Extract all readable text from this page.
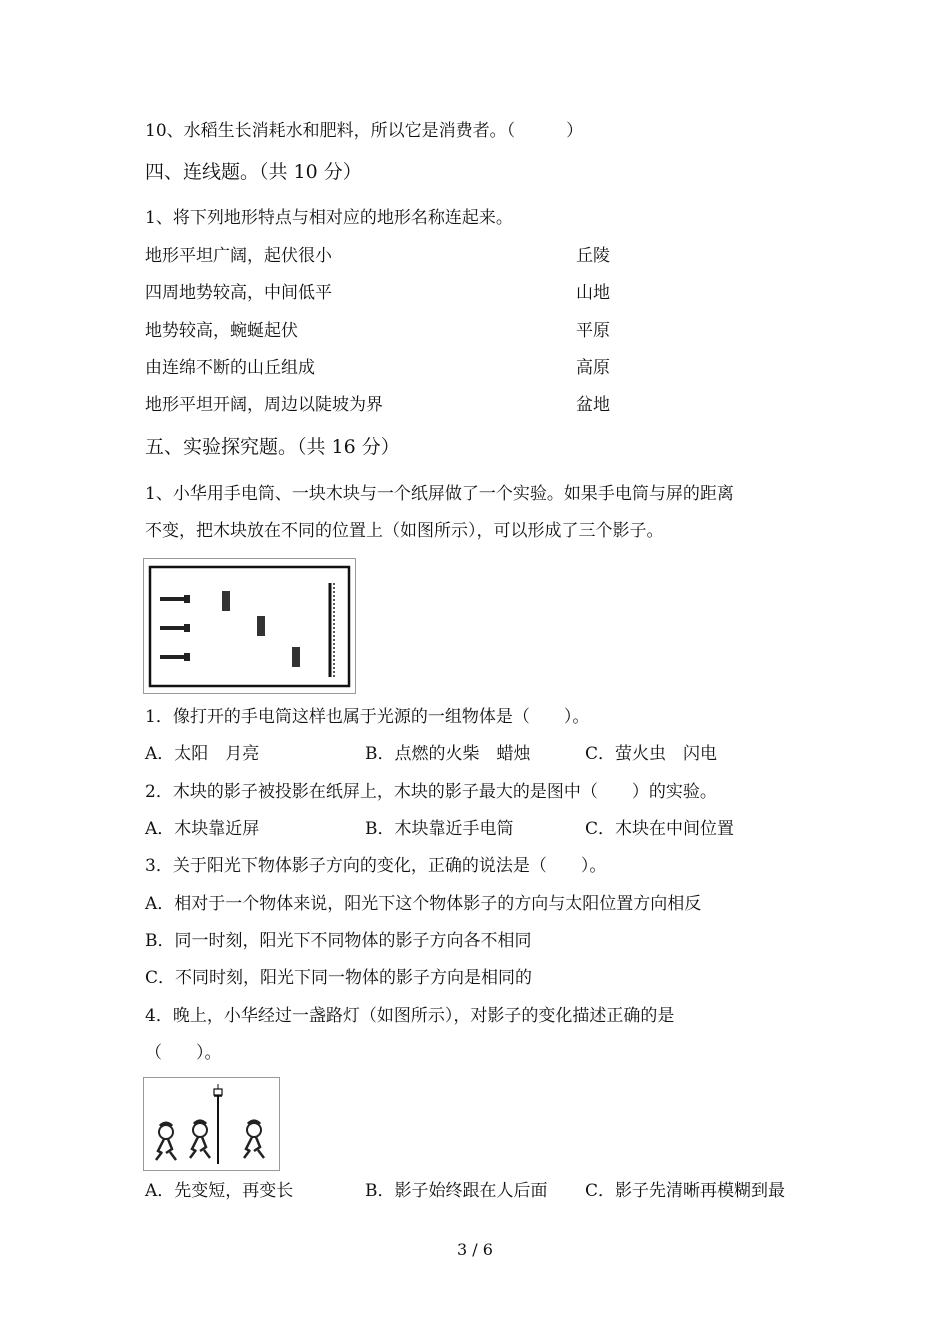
10、水稻生长消耗水和肥料，所以它是消费者。（　　　）
四、连线题。（共 10 分）
1、将下列地形特点与相对应的地形名称连起来。
地形平坦广阔，起伏很小	丘陵
四周地势较高，中间低平	山地
地势较高，蜿蜒起伏	平原
由连绵不断的山丘组成	高原
地形平坦开阔，周边以陡坡为界	盆地
五、实验探究题。（共 16 分）
1、小华用手电筒、一块木块与一个纸屏做了一个实验。如果手电筒与屏的距离
不变，把木块放在不同的位置上（如图所示），可以形成了三个影子。
1．像打开的手电筒这样也属于光源的一组物体是（　　）。
A．太阳　月亮	B．点燃的火柴　蜡烛	C．萤火虫　闪电
2．木块的影子被投影在纸屏上，木块的影子最大的是图中（　　）的实验。
A．木块靠近屏	B．木块靠近手电筒	C．木块在中间位置
3．关于阳光下物体影子方向的变化，正确的说法是（　　）。
A．相对于一个物体来说，阳光下这个物体影子的方向与太阳位置方向相反
B．同一时刻，阳光下不同物体的影子方向各不相同
C．不同时刻，阳光下同一物体的影子方向是相同的
4．晚上，小华经过一盏路灯（如图所示），对影子的变化描述正确的是
（　　）。
A．先变短，再变长	B．影子始终跟在人后面 C．影子先清晰再模糊到最
3 / 6
